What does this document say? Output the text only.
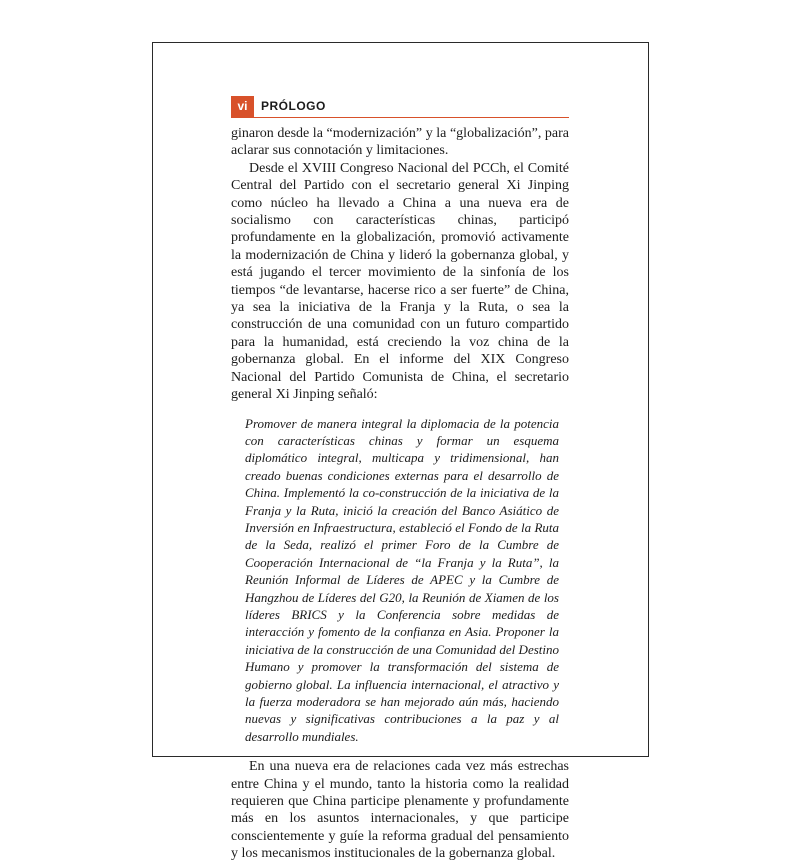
vi	PRÓLOGO

ginaron desde la “modernización” y la “globalización”, para aclarar sus connotación y limitaciones.

Desde el XVIII Congreso Nacional del PCCh, el Comité Central del Partido con el secretario general Xi Jinping como núcleo ha llevado a China a una nueva era de socialismo con características chinas, participó profundamente en la globalización, promovió activamente la modernización de China y lideró la gobernanza global, y está jugando el tercer movimiento de la sinfonía de los tiempos “de levantarse, hacerse rico a ser fuerte” de China, ya sea la iniciativa de la Franja y la Ruta, o sea la construcción de una comunidad con un futuro compartido para la humanidad, está creciendo la voz china de la gobernanza global. En el informe del XIX Congreso Nacional del Partido Comunista de China, el secretario general Xi Jinping señaló:

Promover de manera integral la diplomacia de la potencia con características chinas y formar un esquema diplomático integral, multicapa y tridimensional, han creado buenas condiciones externas para el desarrollo de China. Implementó la co-construcción de la iniciativa de la Franja y la Ruta, inició la creación del Banco Asiático de Inversión en Infraestructura, estableció el Fondo de la Ruta de la Seda, realizó el primer Foro de la Cumbre de Cooperación Internacional de “la Franja y la Ruta”, la Reunión Informal de Líderes de APEC y la Cumbre de Hangzhou de Líderes del G20, la Reunión de Xiamen de los líderes BRICS y la Conferencia sobre medidas de interacción y fomento de la confianza en Asia. Proponer la iniciativa de la construcción de una Comunidad del Destino Humano y promover la transformación del sistema de gobierno global. La influencia internacional, el atractivo y la fuerza moderadora se han mejorado aún más, haciendo nuevas y significativas contribuciones a la paz y al desarrollo mundiales.

En una nueva era de relaciones cada vez más estrechas entre China y el mundo, tanto la historia como la realidad requieren que China participe plenamente y profundamente más en los asuntos internacionales, y que participe conscientemente y guíe la reforma gradual del pensamiento y los mecanismos institucionales de la gobernanza global.
